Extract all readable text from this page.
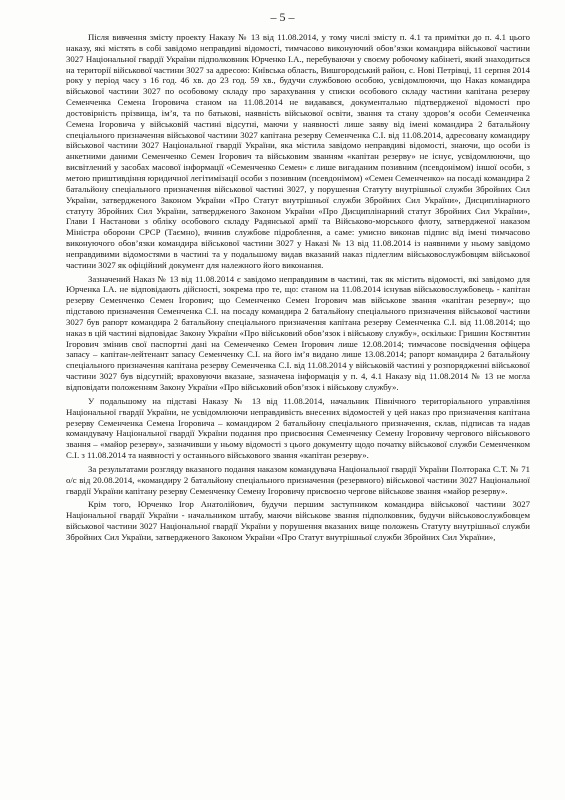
– 5 –

Після вивчення змісту проекту Наказу № 13 від 11.08.2014, у тому числі змісту п. 4.1 та примітки до п. 4.1 цього наказу, які містять в собі завідомо неправдиві відомості, тимчасово виконуючий обов’язки командира військової частини 3027 Національної гвардії України підполковник Юрченко І.А., перебуваючи у своєму робочому кабінеті, який знаходиться на території військової частини 3027 за адресою: Київська область, Вишгородський район, с. Нові Петрівці, 11 серпня 2014 року у період часу з 16 год. 46 хв. до 23 год. 59 хв., будучи службовою особою, усвідомлюючи, що Наказ командира військової частини 3027 по особовому складу про зарахування у списки особового складу частини капітана резерву Семенченка Семена Ігоровича станом на 11.08.2014 не видавався, документально підтвердженої відомості про достовірність прізвища, ім’я, та по батькові, наявність військової освіти, звання та стану здоров’я особи Семенченка Семена Ігоровича у військовій частині відсутні, маючи у наявності лише заяву від імені командира 2 батальйону спеціального призначення військової частини 3027 капітана резерву Семенченка С.І. від 11.08.2014, адресовану командиру військової частини 3027 Національної гвардії України, яка містила завідомо неправдиві відомості, знаючи, що особи із анкетними даними Семенченко Семен Ігорович та військовим званням «капітан резерву» не існує, усвідомлюючи, що висвітлений у засобах масової інформації «Семенченко Семен» є лише вигаданим позивним (псевдонімом) іншої особи, з метою приштивдіння юридичної легітимізації особи з позивним (псевдонімом) «Семен Семенченко» на посаді командира 2 батальйону спеціального призначення військової частині 3027, у порушення Статуту внутрішньої служби Збройних Сил України, затвердженого Законом України «Про Статут внутрішньої служби Збройних Сил України», Дисциплінарного статуту Збройних Сил України, затвердженого Законом України «Про Дисциплінарний статут Збройних Сил України», Глави І Настанови з обліку особового складу Радянської армії та Військово-морського флоту, затвердженої наказом Міністра оборони СРСР (Таємно), вчинив службове підроблення, а саме: умисно виконав підпис від імені тимчасово виконуючого обов’язки командира військової частини 3027 у Наказі № 13 від 11.08.2014 із наявними у ньому завідомо неправдивими відомостями в частині та у подальшому видав вказаний наказ підлеглим військовослужбовцям військової частини 3027 як офіційний документ для належного його виконання.

Зазначений Наказ № 13 від 11.08.2014 є завідомо неправдивим в частині, так як містить відомості, які завідомо для Юрченка І.А. не відповідають дійсності, зокрема про те, що: станом на 11.08.2014 існував військовослужбовець - капітан резерву Семенченко Семен Ігорович; що Семенченко Семен Ігорович мав військове звання «капітан резерву»; що підставою призначення Семенченка С.І. на посаду командира 2 батальйону спеціального призначення військової частини 3027 був рапорт командира 2 батальйону спеціального призначення капітана резерву Семенченка С.І. від 11.08.2014; що наказ в цій частині відповідає Закону України «Про військовий обов’язок і військову службу», оскільки: Гришин Костянтин Ігорович змінив свої паспортні дані на Семенченко Семен Ігорович лише 12.08.2014; тимчасове посвідчення офіцера запасу – капітан-лейтенант запасу Семенченку С.І. на його ім’я видано лише 13.08.2014; рапорт командира 2 батальйону спеціального призначення капітана резерву Семенченка С.І. від 11.08.2014 у військовій частині у розпорядженні військової частини 3027 був відсутній; враховуючи вказане, зазначена інформація у п. 4, 4.1 Наказу від 11.08.2014 № 13 не могла відповідати положенням Закону України «Про військовий обов’язок і військову службу».

У подальшому на підставі Наказу № 13 від 11.08.2014, начальник Північного територіального управління Національної гвардії України, не усвідомлюючи неправдивість внесених відомостей у цей наказ про призначення капітана резерву Семенченка Семена Ігоровича – командиром 2 батальйону спеціального призначення, склав, підписав та надав командувачу Національної гвардії України подання про присвоєння Семенченку Семену Ігоровичу чергового військового звання – «майор резерву», зазначивши у ньому відомості з цього документу щодо початку військової служби Семенченком С.І. з 11.08.2014 та наявності у останнього військового звання «капітан резерву».

За результатами розгляду вказаного подання наказом командувача Національної гвардії України Полторака С.Т. № 71 о/с від 20.08.2014, «командиру 2 батальйону спеціального призначення (резервного) військової частини 3027 Національної гвардії України капітану резерву Семенченку Семену Ігоровичу присвоєно чергове військове звання «майор резерву».

Крім того, Юрченко Ігор Анатолійович, будучи першим заступником командира військової частини 3027 Національної гвардії України - начальником штабу, маючи військове звання підполковник, будучи військовослужбовцем військової частини 3027 Національної гвардії України у порушення вказаних вище положень Статуту внутрішньої служби Збройних Сил України, затвердженого Законом України «Про Статут внутрішньої служби Збройних Сил України»,
